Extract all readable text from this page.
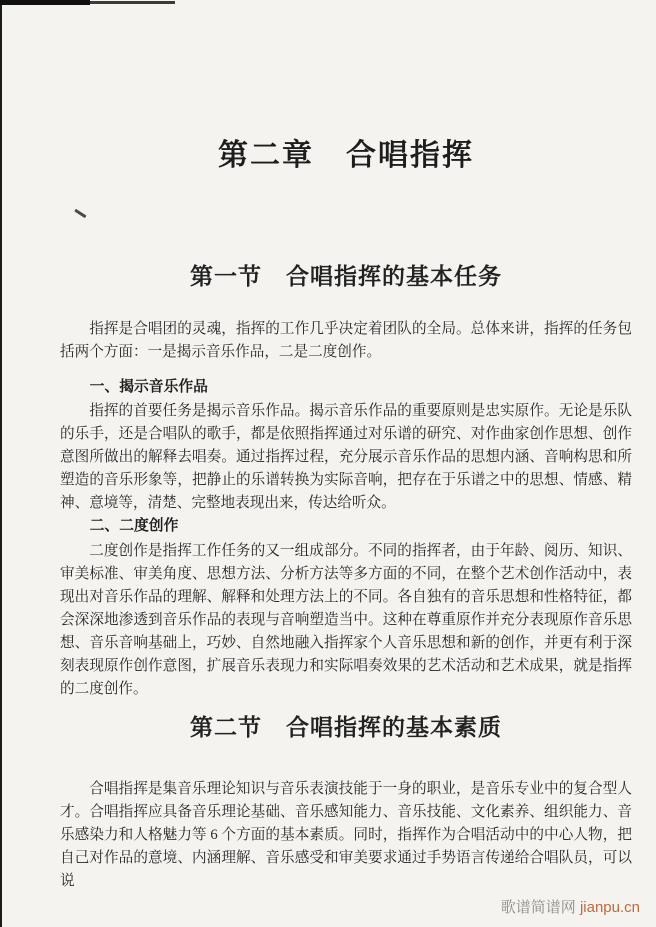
第二章　合唱指挥
第一节　合唱指挥的基本任务

指挥是合唱团的灵魂，指挥的工作几乎决定着团队的全局。总体来讲，指挥的任务包括两个方面：一是揭示音乐作品，二是二度创作。

一、揭示音乐作品

指挥的首要任务是揭示音乐作品。揭示音乐作品的重要原则是忠实原作。无论是乐队的乐手，还是合唱队的歌手，都是依照指挥通过对乐谱的研究、对作曲家创作思想、创作意图所做出的解释去唱奏。通过指挥过程，充分展示音乐作品的思想内涵、音响构思和所塑造的音乐形象等，把静止的乐谱转换为实际音响，把存在于乐谱之中的思想、情感、精神、意境等，清楚、完整地表现出来，传达给听众。

二、二度创作

二度创作是指挥工作任务的又一组成部分。不同的指挥者，由于年龄、阅历、知识、审美标准、审美角度、思想方法、分析方法等多方面的不同，在整个艺术创作活动中，表现出对音乐作品的理解、解释和处理方法上的不同。各自独有的音乐思想和性格特征，都会深深地渗透到音乐作品的表现与音响塑造当中。这种在尊重原作并充分表现原作音乐思想、音乐音响基础上，巧妙、自然地融入指挥家个人音乐思想和新的创作，并更有利于深刻表现原作创作意图，扩展音乐表现力和实际唱奏效果的艺术活动和艺术成果，就是指挥的二度创作。

第二节　合唱指挥的基本素质

合唱指挥是集音乐理论知识与音乐表演技能于一身的职业，是音乐专业中的复合型人才。合唱指挥应具备音乐理论基础、音乐感知能力、音乐技能、文化素养、组织能力、音乐感染力和人格魅力等 6 个方面的基本素质。同时，指挥作为合唱活动中的中心人物，把自己对作品的意境、内涵理解、音乐感受和审美要求通过手势语言传递给合唱队员，可以说

歌谱简谱网 jianpu.cn
